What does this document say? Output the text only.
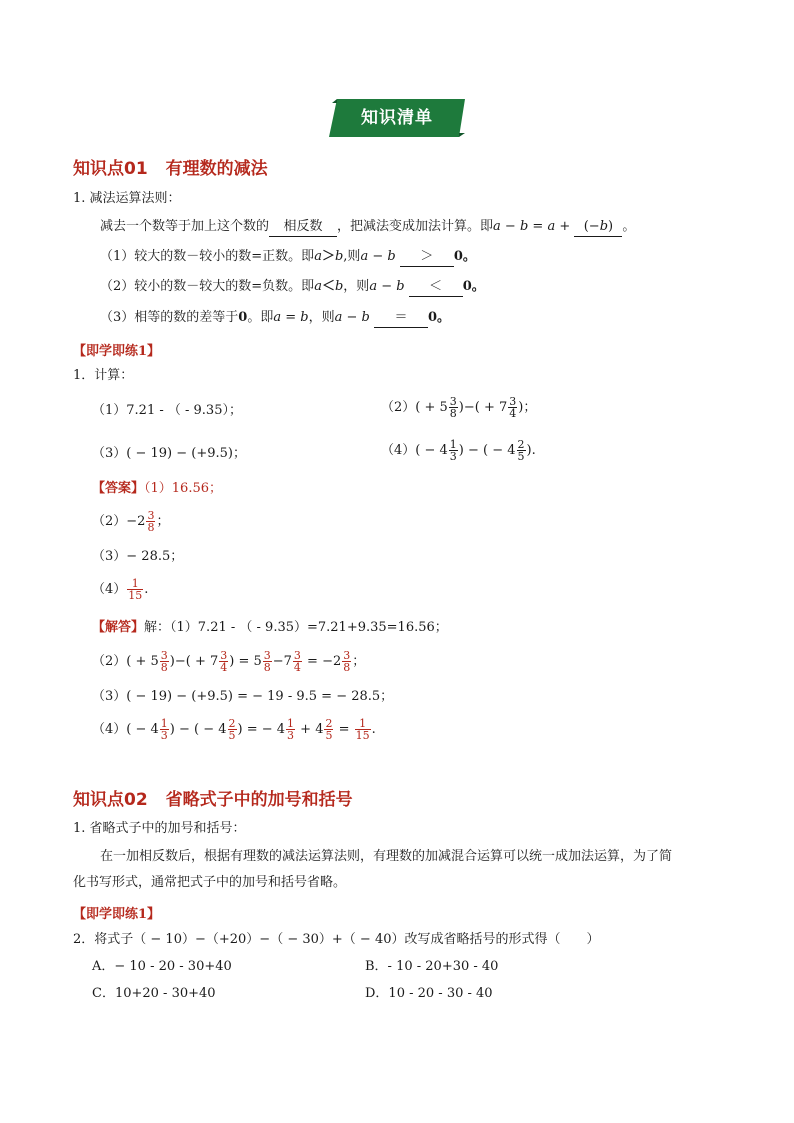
知识清单
知识点01 有理数的减法
1. 减法运算法则：
减去一个数等于加上这个数的 相反数 ，把减法变成加法计算。即a − b = a + (−b) 。
（1）较大的数－较小的数=正数。即a＞b,则a − b ＞ 0。
（2）较小的数－较大的数=负数。即a＜b，则a − b ＜ 0。
（3）相等的数的差等于0。即a = b，则a − b ＝ 0。
【即学即练1】
1．计算：
（1）7.21 - （ - 9.35）；	$(2)( + 5 \frac{3}{8}$ )−( + $7 \frac{3}{4}$ )；
（3）( − 19) − (+9.5)；	$(4)( - 4 \frac{1}{3}$ ) − ( − $4 \frac{2}{5}$ ).
【答案】（1）16.56；
$(2)-2 \frac{3}{8}$ ；
（3）− 28.5；
$(4) \frac{1}{15}$ .
【解答】解：（1）7.21 - （ - 9.35）=7.21+9.35=16.56；
$(2)( + 5 \frac{3}{8}$ )−( + $7 \frac{3}{4}$ ) = $5 \frac{3}{8} -7 \frac{3}{4} = -2 \frac{3}{8}$ ；
（3）( − 19) − (+9.5) = − 19 - 9.5 = − 28.5；
$(4)( - 4 \frac{1}{3}$ ) − ( − $4 \frac{2}{5}$ ) = − $4 \frac{1}{3} + 4 \frac{2}{5} = \frac{1}{15}$ .
知识点02 省略式子中的加号和括号
1. 省略式子中的加号和括号：
在一加相反数后，根据有理数的减法运算法则，有理数的加减混合运算可以统一成加法运算，为了简
化书写形式，通常把式子中的加号和括号省略。
【即学即练1】
2．将式子（ − 10）−（+20）−（ − 30）+（ − 40）改写成省略括号的形式得（　　）
A．− 10 - 20 - 30+40	B．- 10 - 20+30 - 40
C．10+20 - 30+40	D．10 - 20 - 30 - 40
